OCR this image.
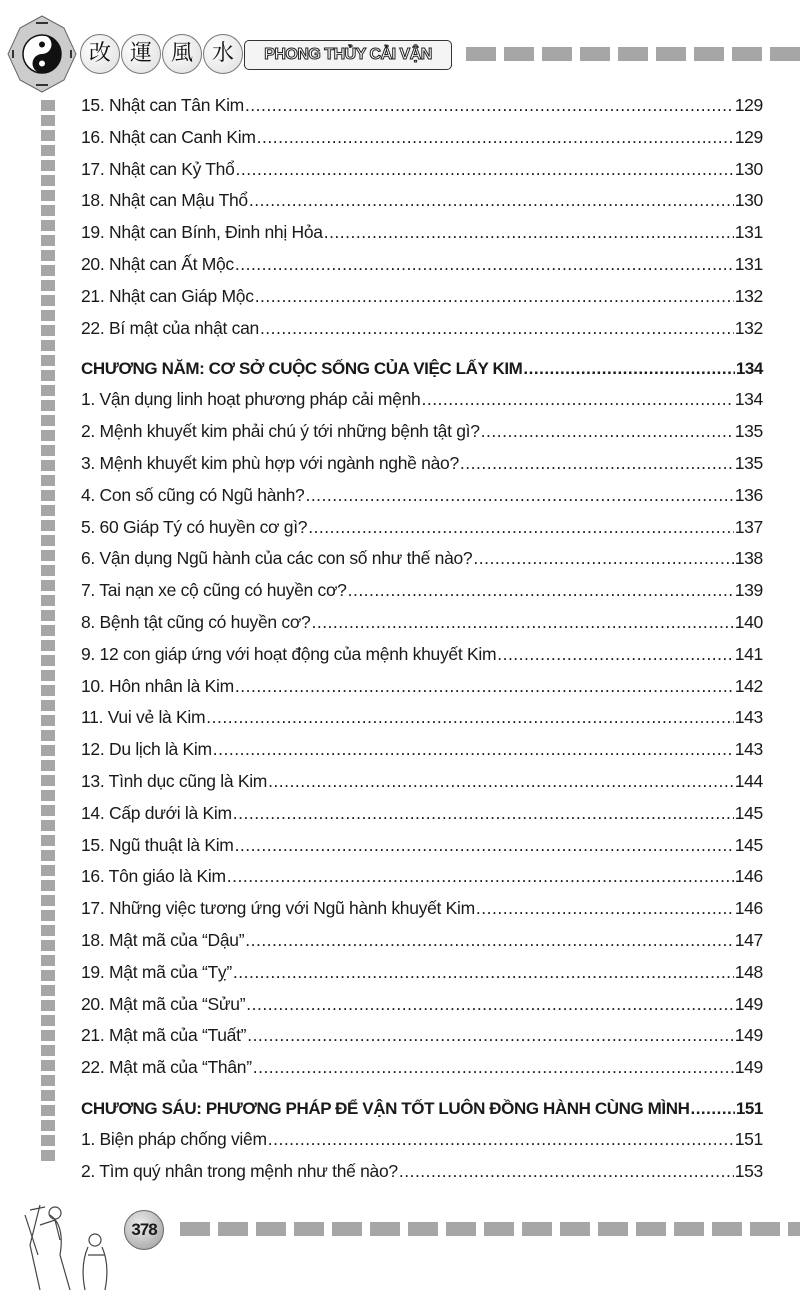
改 運 風 水	PHONG THỦY CẢI VẬN
15. Nhật can Tân Kim .....	129
16. Nhật can Canh Kim .....	129
17. Nhật can Kỷ Thổ .....	130
18. Nhật can Mậu Thổ .....	130
19. Nhật can Bính, Đinh nhị Hỏa .....	131
20. Nhật can Ất Mộc .....	131
21. Nhật can Giáp Mộc .....	132
22. Bí mật của nhật can .....	132
CHƯƠNG NĂM: CƠ SỞ CUỘC SỐNG CỦA VIỆC LẤY KIM .....	134
1. Vận dụng linh hoạt phương pháp cải mệnh .....	134
2. Mệnh khuyết kim phải chú ý tới những bệnh tật gì? .....	135
3. Mệnh khuyết kim phù hợp với ngành nghề nào? .....	135
4. Con số cũng có Ngũ hành? .....	136
5. 60 Giáp Tý có huyền cơ gì? .....	137
6. Vận dụng Ngũ hành của các con số như thế nào? .....	138
7. Tai nạn xe cộ cũng có huyền cơ? .....	139
8. Bệnh tật cũng có huyền cơ? .....	140
9. 12 con giáp ứng với hoạt động của mệnh khuyết Kim .....	141
10. Hôn nhân là Kim .....	142
11. Vui vẻ là Kim .....	143
12. Du lịch là Kim .....	143
13. Tình dục cũng là Kim .....	144
14. Cấp dưới là Kim .....	145
15. Ngũ thuật là Kim .....	145
16. Tôn giáo là Kim .....	146
17. Những việc tương ứng với Ngũ hành khuyết Kim .....	146
18. Mật mã của “Dậu” .....	147
19. Mật mã của “Tỵ” .....	148
20. Mật mã của “Sửu” .....	149
21. Mật mã của “Tuất” .....	149
22. Mật mã của “Thân” .....	149
CHƯƠNG SÁU: PHƯƠNG PHÁP ĐỂ VẬN TỐT LUÔN ĐỒNG HÀNH CÙNG MÌNH .....	151
1. Biện pháp chống viêm .....	151
2. Tìm quý nhân trong mệnh như thế nào? .....	153
378
